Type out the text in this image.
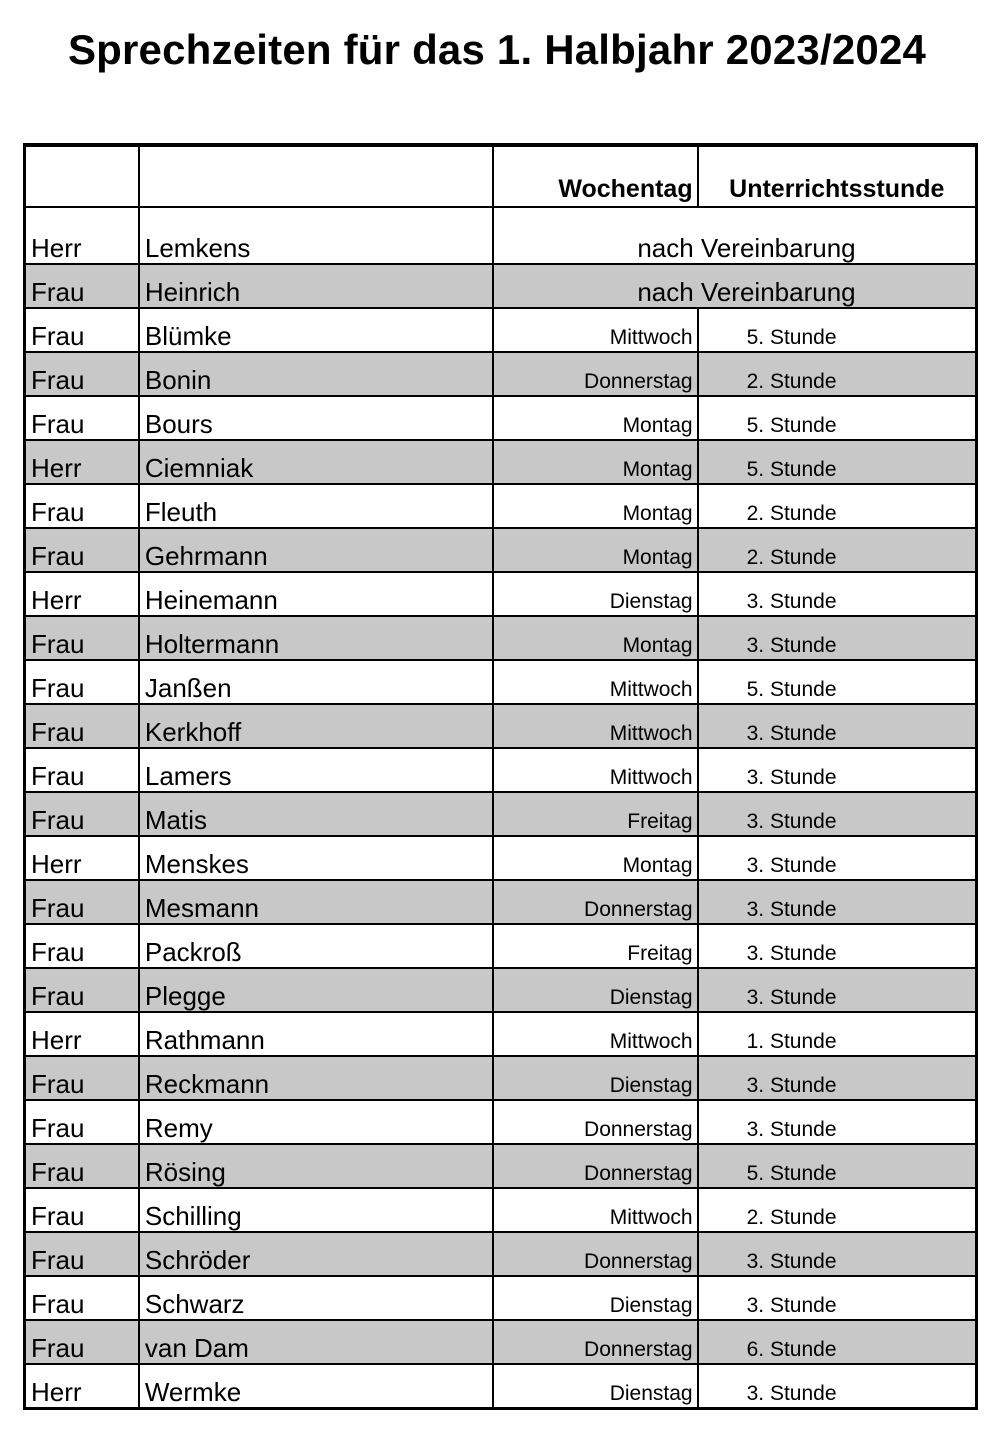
Sprechzeiten für das 1. Halbjahr 2023/2024
		Wochentag	Unterrichtsstunde
Herr	Lemkens	nach Vereinbarung	
Frau	Heinrich	nach Vereinbarung	
Frau	Blümke	Mittwoch	5. Stunde
Frau	Bonin	Donnerstag	2. Stunde
Frau	Bours	Montag	5. Stunde
Herr	Ciemniak	Montag	5. Stunde
Frau	Fleuth	Montag	2. Stunde
Frau	Gehrmann	Montag	2. Stunde
Herr	Heinemann	Dienstag	3. Stunde
Frau	Holtermann	Montag	3. Stunde
Frau	Janßen	Mittwoch	5. Stunde
Frau	Kerkhoff	Mittwoch	3. Stunde
Frau	Lamers	Mittwoch	3. Stunde
Frau	Matis	Freitag	3. Stunde
Herr	Menskes	Montag	3. Stunde
Frau	Mesmann	Donnerstag	3. Stunde
Frau	Packroß	Freitag	3. Stunde
Frau	Plegge	Dienstag	3. Stunde
Herr	Rathmann	Mittwoch	1. Stunde
Frau	Reckmann	Dienstag	3. Stunde
Frau	Remy	Donnerstag	3. Stunde
Frau	Rösing	Donnerstag	5. Stunde
Frau	Schilling	Mittwoch	2. Stunde
Frau	Schröder	Donnerstag	3. Stunde
Frau	Schwarz	Dienstag	3. Stunde
Frau	van Dam	Donnerstag	6. Stunde
Herr	Wermke	Dienstag	3. Stunde
